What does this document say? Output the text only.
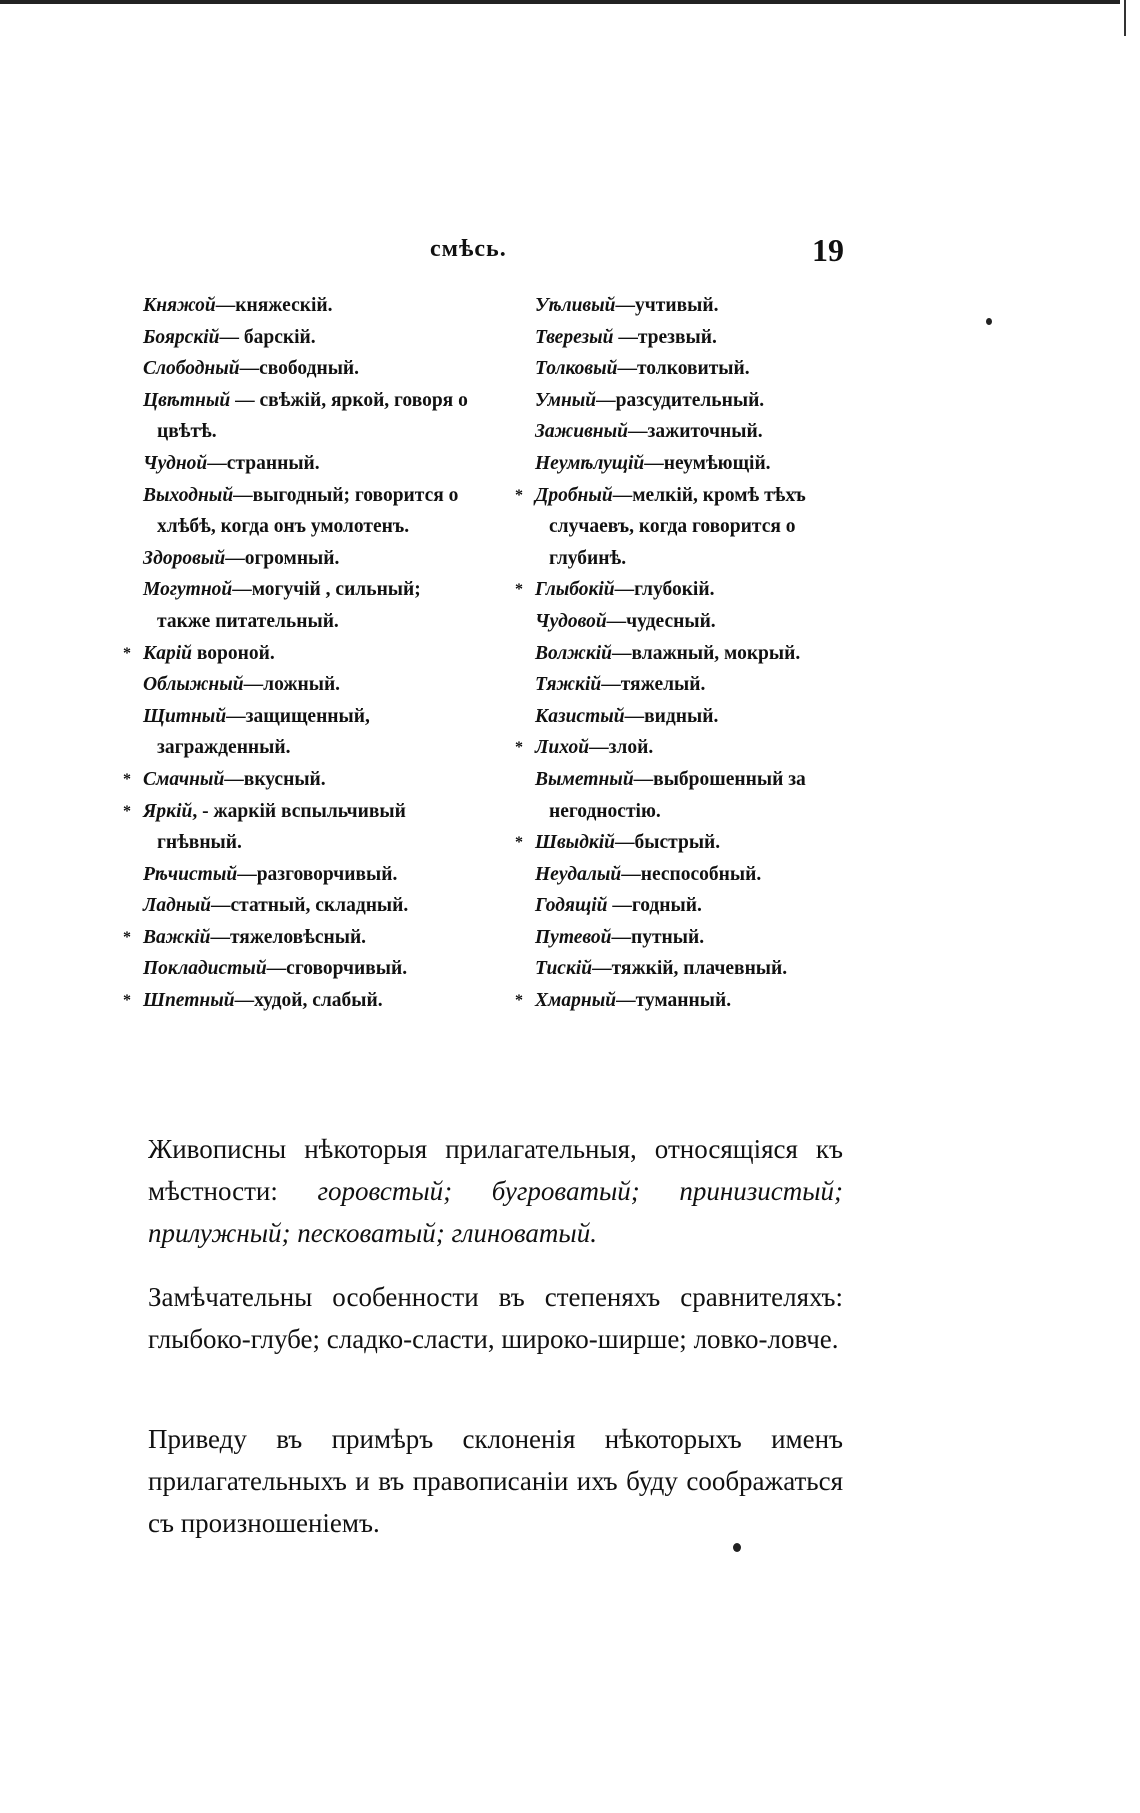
смѣсь.	19

Княжой—княжескій.

Боярскій— барскій.

Слободный—свободный.

Цвѣтный — свѣжій, яркой, говоря о цвѣтѣ.

Чудной—странный.

Выходный—выгодный; говорится о хлѣбѣ, когда онъ умолотенъ.

Здоровый—огромный.

Могутной—могучій , сильный; также питательный.

* Карій вороной.

Облыжный—ложный.

Щитный—защищенный, загражденный.

* Смачный—вкусный.

* Яркій, - жаркій вспыльчивый гнѣвный.

Рѣчистый—разговорчивый.

Ладный—статный, складный.

* Важкій—тяжеловѣсный.

Покладистый—сговорчивый.

* Шпетный—худой, слабый.

Уѣливый—учтивый.

Тверезый —трезвый.

Толковый—толковитый.

Умный—разсудительный.

Заживный—зажиточный.

Неумѣлущій—неумѣющій.

* Дробный—мелкій, кромѣ тѣхъ случаевъ, когда говорится о глубинѣ.

* Глыбокій—глубокій.

Чудовой—чудесный.

Волжкій—влажный, мокрый.

Тяжкій—тяжелый.

Казистый—видный.

* Лихой—злой.

Выметный—выброшенный за негодностію.

* Швыдкій—быстрый.

Неудалый—неспособный.

Годящій —годный.

Путевой—путный.

Тискій—тяжкій, плачевный.

* Хмарный—туманный.

Живописны нѣкоторыя прилагательныя, относящіяся къ мѣстности: горовстый; бугроватый; принизистый; прилужный; песковатый; глиноватый.

Замѣчательны особенности въ степеняхъ сравнителяхъ: глыбоко-глубе; сладко-сласти, широко-ширше; ловко-ловче.

Приведу въ примѣръ склоненія нѣкоторыхъ именъ прилагательныхъ и въ правописаніи ихъ буду соображаться съ произношеніемъ.
